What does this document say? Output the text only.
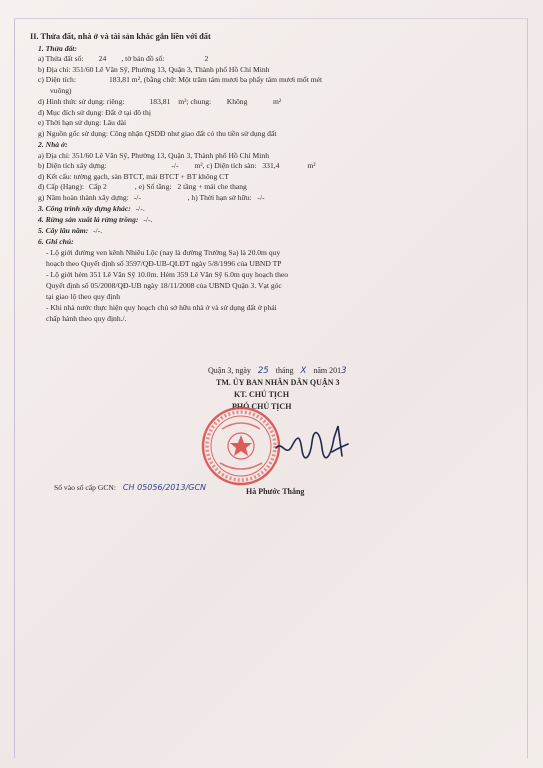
II. Thửa đất, nhà ở và tài sản khác gắn liền với đất
1. Thửa đất:
a) Thửa đất số: 24 , tờ bản đồ số:	2
b) Địa chỉ: 351/60 Lê Văn Sỹ, Phường 13, Quận 3, Thành phố Hồ Chí Minh
c) Diện tích:	183,81 m², (bằng chữ: Một trăm tám mươi ba phẩy tám mươi mốt mét
vuông)
d) Hình thức sử dụng: riêng:	183,81 m²; chung: Không	m²
đ) Mục đích sử dụng: Đất ở tại đô thị
e) Thời hạn sử dụng: Lâu dài
g) Nguồn gốc sử dụng: Công nhận QSDĐ như giao đất có thu tiền sử dụng đất
2. Nhà ở:
a) Địa chỉ: 351/60 Lê Văn Sỹ, Phường 13, Quận 3, Thành phố Hồ Chí Minh
b) Diện tích xây dựng:	-/- m², c) Diện tích sàn: 331,4	m²
d) Kết cấu: tường gạch, sàn BTCT, mái BTCT + BT không CT
đ) Cấp (Hạng): Cấp 2	, e) Số tầng: 2 tầng + mái che thang
g) Năm hoàn thành xây dựng: -/-	, h) Thời hạn sở hữu: -/-
3. Công trình xây dựng khác: -/-.
4. Rừng sản xuất là rừng trồng: -/-.
5. Cây lâu năm: -/-.
6. Ghi chú:
- Lộ giới đường ven kênh Nhiêu Lộc (nay là đường Trường Sa) là 20.0m quy
hoạch theo Quyết định số 3597/QĐ-UB-QLĐT ngày 5/8/1996 của UBND TP
- Lộ giới hẻm 351 Lê Văn Sỹ 10.0m. Hẻm 359 Lê Văn Sỹ 6.0m quy hoạch theo
Quyết định số 05/2008/QĐ-UB ngày 18/11/2008 của UBND Quận 3. Vạt góc
tại giao lộ theo quy định
- Khi nhà nước thực hiện quy hoạch chủ sở hữu nhà ở và sử dụng đất ở phải
chấp hành theo quy định./.
Quận 3, ngày 25 tháng X năm 2013
TM. ỦY BAN NHÂN DÂN QUẬN 3
KT. CHỦ TỊCH
PHÓ CHỦ TỊCH
Hà Phước Thắng
Số vào sổ cấp GCN: CH 05056/2013/GCN
